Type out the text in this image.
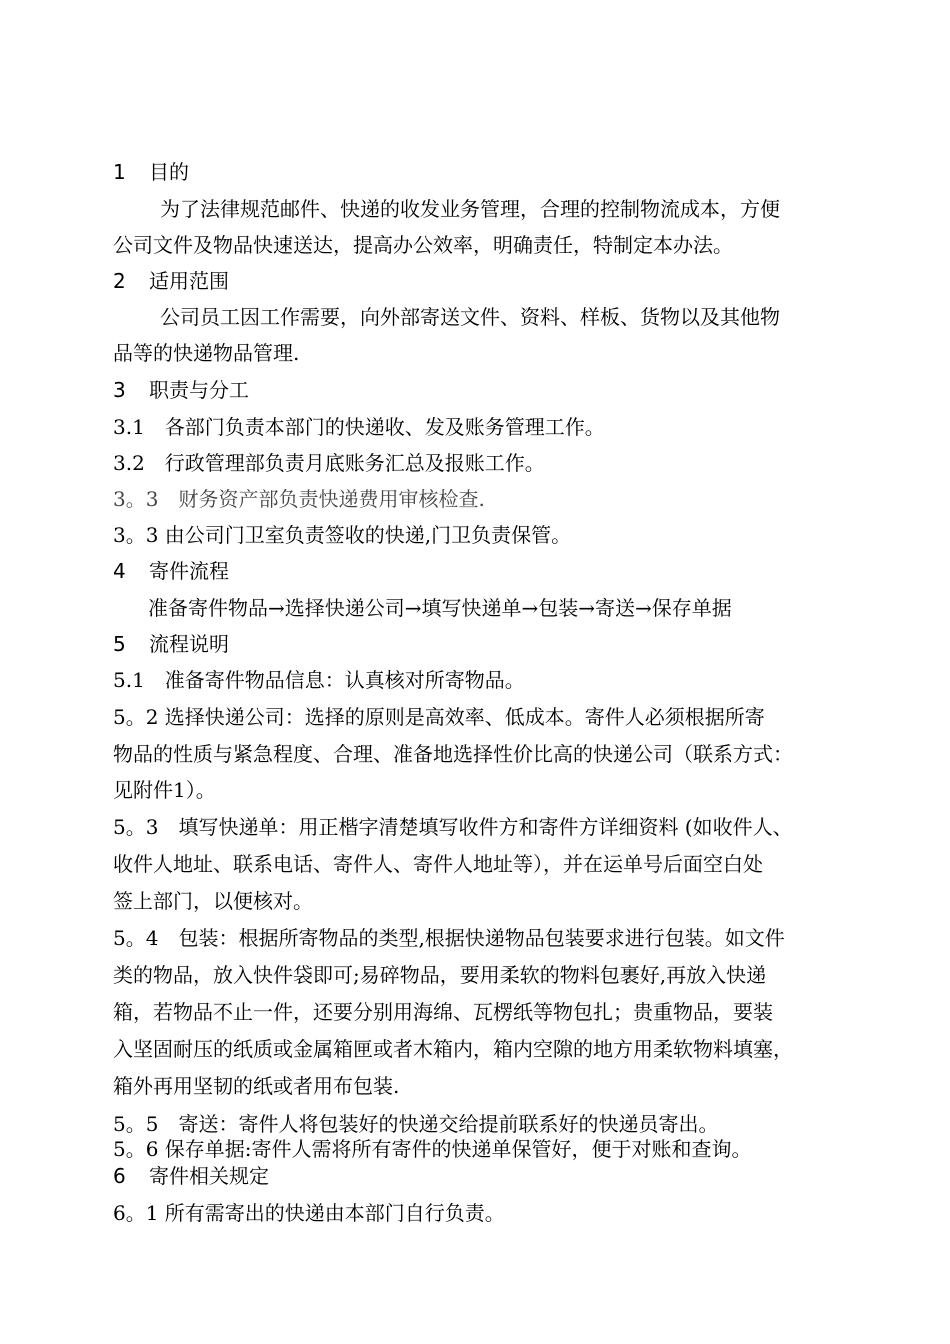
1 目的
为了法律规范邮件、快递的收发业务管理，合理的控制物流成本，方便
公司文件及物品快速送达，提高办公效率，明确责任，特制定本办法。
2 适用范围
公司员工因工作需要，向外部寄送文件、资料、样板、货物以及其他物
品等的快递物品管理.
3 职责与分工
3.1　各部门负责本部门的快递收、发及账务管理工作。
3.2　行政管理部负责月底账务汇总及报账工作。
3。3　财务资产部负责快递费用审核检查.
3。3 由公司门卫室负责签收的快递,门卫负责保管。
4 寄件流程
准备寄件物品→选择快递公司→填写快递单→包装→寄送→保存单据
5 流程说明
5.1　准备寄件物品信息：认真核对所寄物品。
5。2 选择快递公司：选择的原则是高效率、低成本。寄件人必须根据所寄
物品的性质与紧急程度、合理、准备地选择性价比高的快递公司（联系方式：
见附件1）。
5。3　填写快递单：用正楷字清楚填写收件方和寄件方详细资料 (如收件人、
收件人地址、联系电话、寄件人、寄件人地址等），并在运单号后面空白处
签上部门，以便核对。
5。4　包装：根据所寄物品的类型,根据快递物品包装要求进行包装。如文件
类的物品，放入快件袋即可;易碎物品，要用柔软的物料包裹好,再放入快递
箱，若物品不止一件，还要分别用海绵、瓦楞纸等物包扎；贵重物品，要装
入坚固耐压的纸质或金属箱匣或者木箱内，箱内空隙的地方用柔软物料填塞，
箱外再用坚韧的纸或者用布包装.
5。5　寄送：寄件人将包装好的快递交给提前联系好的快递员寄出。
5。6 保存单据:寄件人需将所有寄件的快递单保管好，便于对账和查询。
6 寄件相关规定
6。1 所有需寄出的快递由本部门自行负责。
